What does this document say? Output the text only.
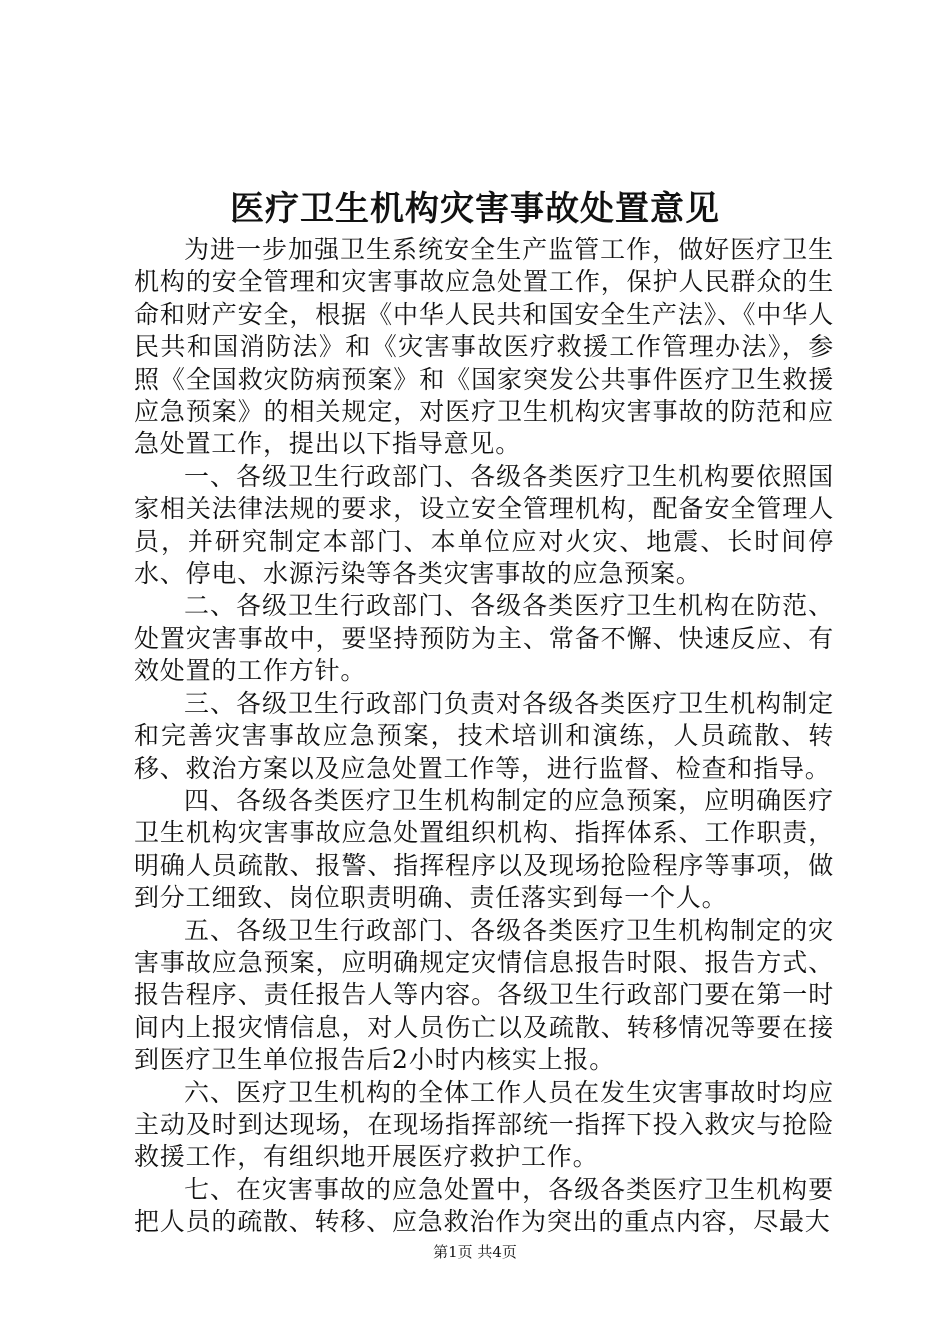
医疗卫生机构灾害事故处置意见

为进一步加强卫生系统安全生产监管工作，做好医疗卫生机构的安全管理和灾害事故应急处置工作，保护人民群众的生命和财产安全，根据《中华人民共和国安全生产法》、《中华人民共和国消防法》和《灾害事故医疗救援工作管理办法》，参照《全国救灾防病预案》和《国家突发公共事件医疗卫生救援应急预案》的相关规定，对医疗卫生机构灾害事故的防范和应急处置工作，提出以下指导意见。

一、各级卫生行政部门、各级各类医疗卫生机构要依照国家相关法律法规的要求，设立安全管理机构，配备安全管理人员，并研究制定本部门、本单位应对火灾、地震、长时间停水、停电、水源污染等各类灾害事故的应急预案。

二、各级卫生行政部门、各级各类医疗卫生机构在防范、处置灾害事故中，要坚持预防为主、常备不懈、快速反应、有效处置的工作方针。

三、各级卫生行政部门负责对各级各类医疗卫生机构制定和完善灾害事故应急预案，技术培训和演练，人员疏散、转移、救治方案以及应急处置工作等，进行监督、检查和指导。

四、各级各类医疗卫生机构制定的应急预案，应明确医疗卫生机构灾害事故应急处置组织机构、指挥体系、工作职责，明确人员疏散、报警、指挥程序以及现场抢险程序等事项，做到分工细致、岗位职责明确、责任落实到每一个人。

五、各级卫生行政部门、各级各类医疗卫生机构制定的灾害事故应急预案，应明确规定灾情信息报告时限、报告方式、报告程序、责任报告人等内容。各级卫生行政部门要在第一时间内上报灾情信息，对人员伤亡以及疏散、转移情况等要在接到医疗卫生单位报告后2小时内核实上报。

六、医疗卫生机构的全体工作人员在发生灾害事故时均应主动及时到达现场，在现场指挥部统一指挥下投入救灾与抢险救援工作，有组织地开展医疗救护工作。

七、在灾害事故的应急处置中，各级各类医疗卫生机构要把人员的疏散、转移、应急救治作为突出的重点内容，尽最大

第1页 共4页
